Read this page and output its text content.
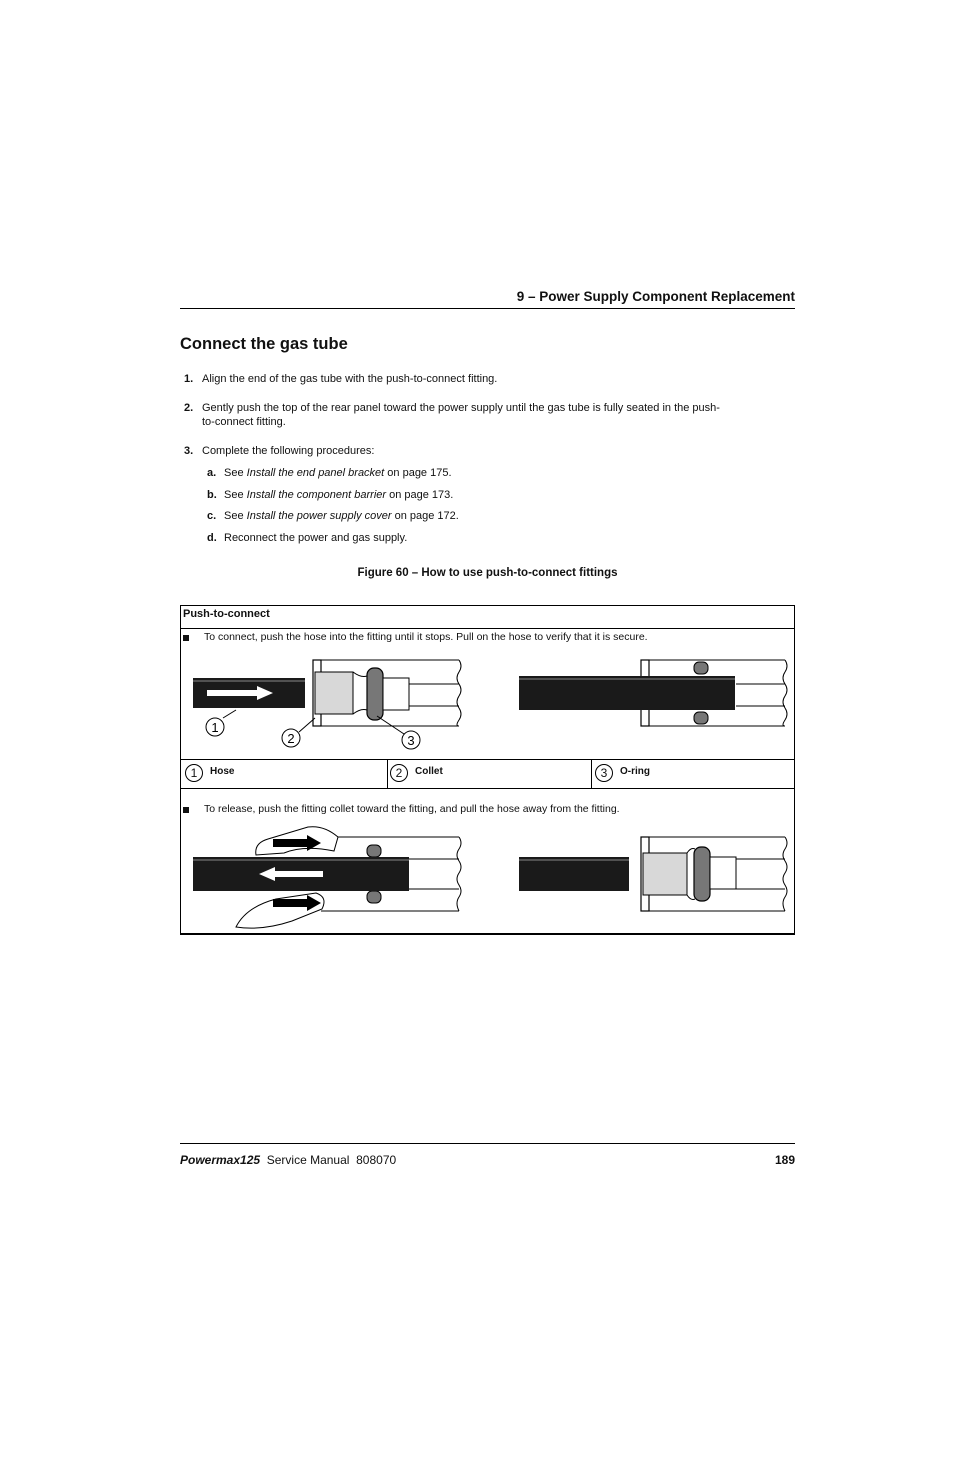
9 – Power Supply Component Replacement
Connect the gas tube
1. Align the end of the gas tube with the push-to-connect fitting.
2. Gently push the top of the rear panel toward the power supply until the gas tube is fully seated in the push-to-connect fitting.
3. Complete the following procedures:
a. See Install the end panel bracket on page 175.
b. See Install the component barrier on page 173.
c. See Install the power supply cover on page 172.
d. Reconnect the power and gas supply.
Figure 60 – How to use push-to-connect fittings
Push-to-connect
To connect, push the hose into the fitting until it stops. Pull on the hose to verify that it is secure.
1
2	3
1	Hose	2	Collet	3	O-ring
To release, push the fitting collet toward the fitting, and pull the hose away from the fitting.
Powermax125 Service Manual 808070	189
